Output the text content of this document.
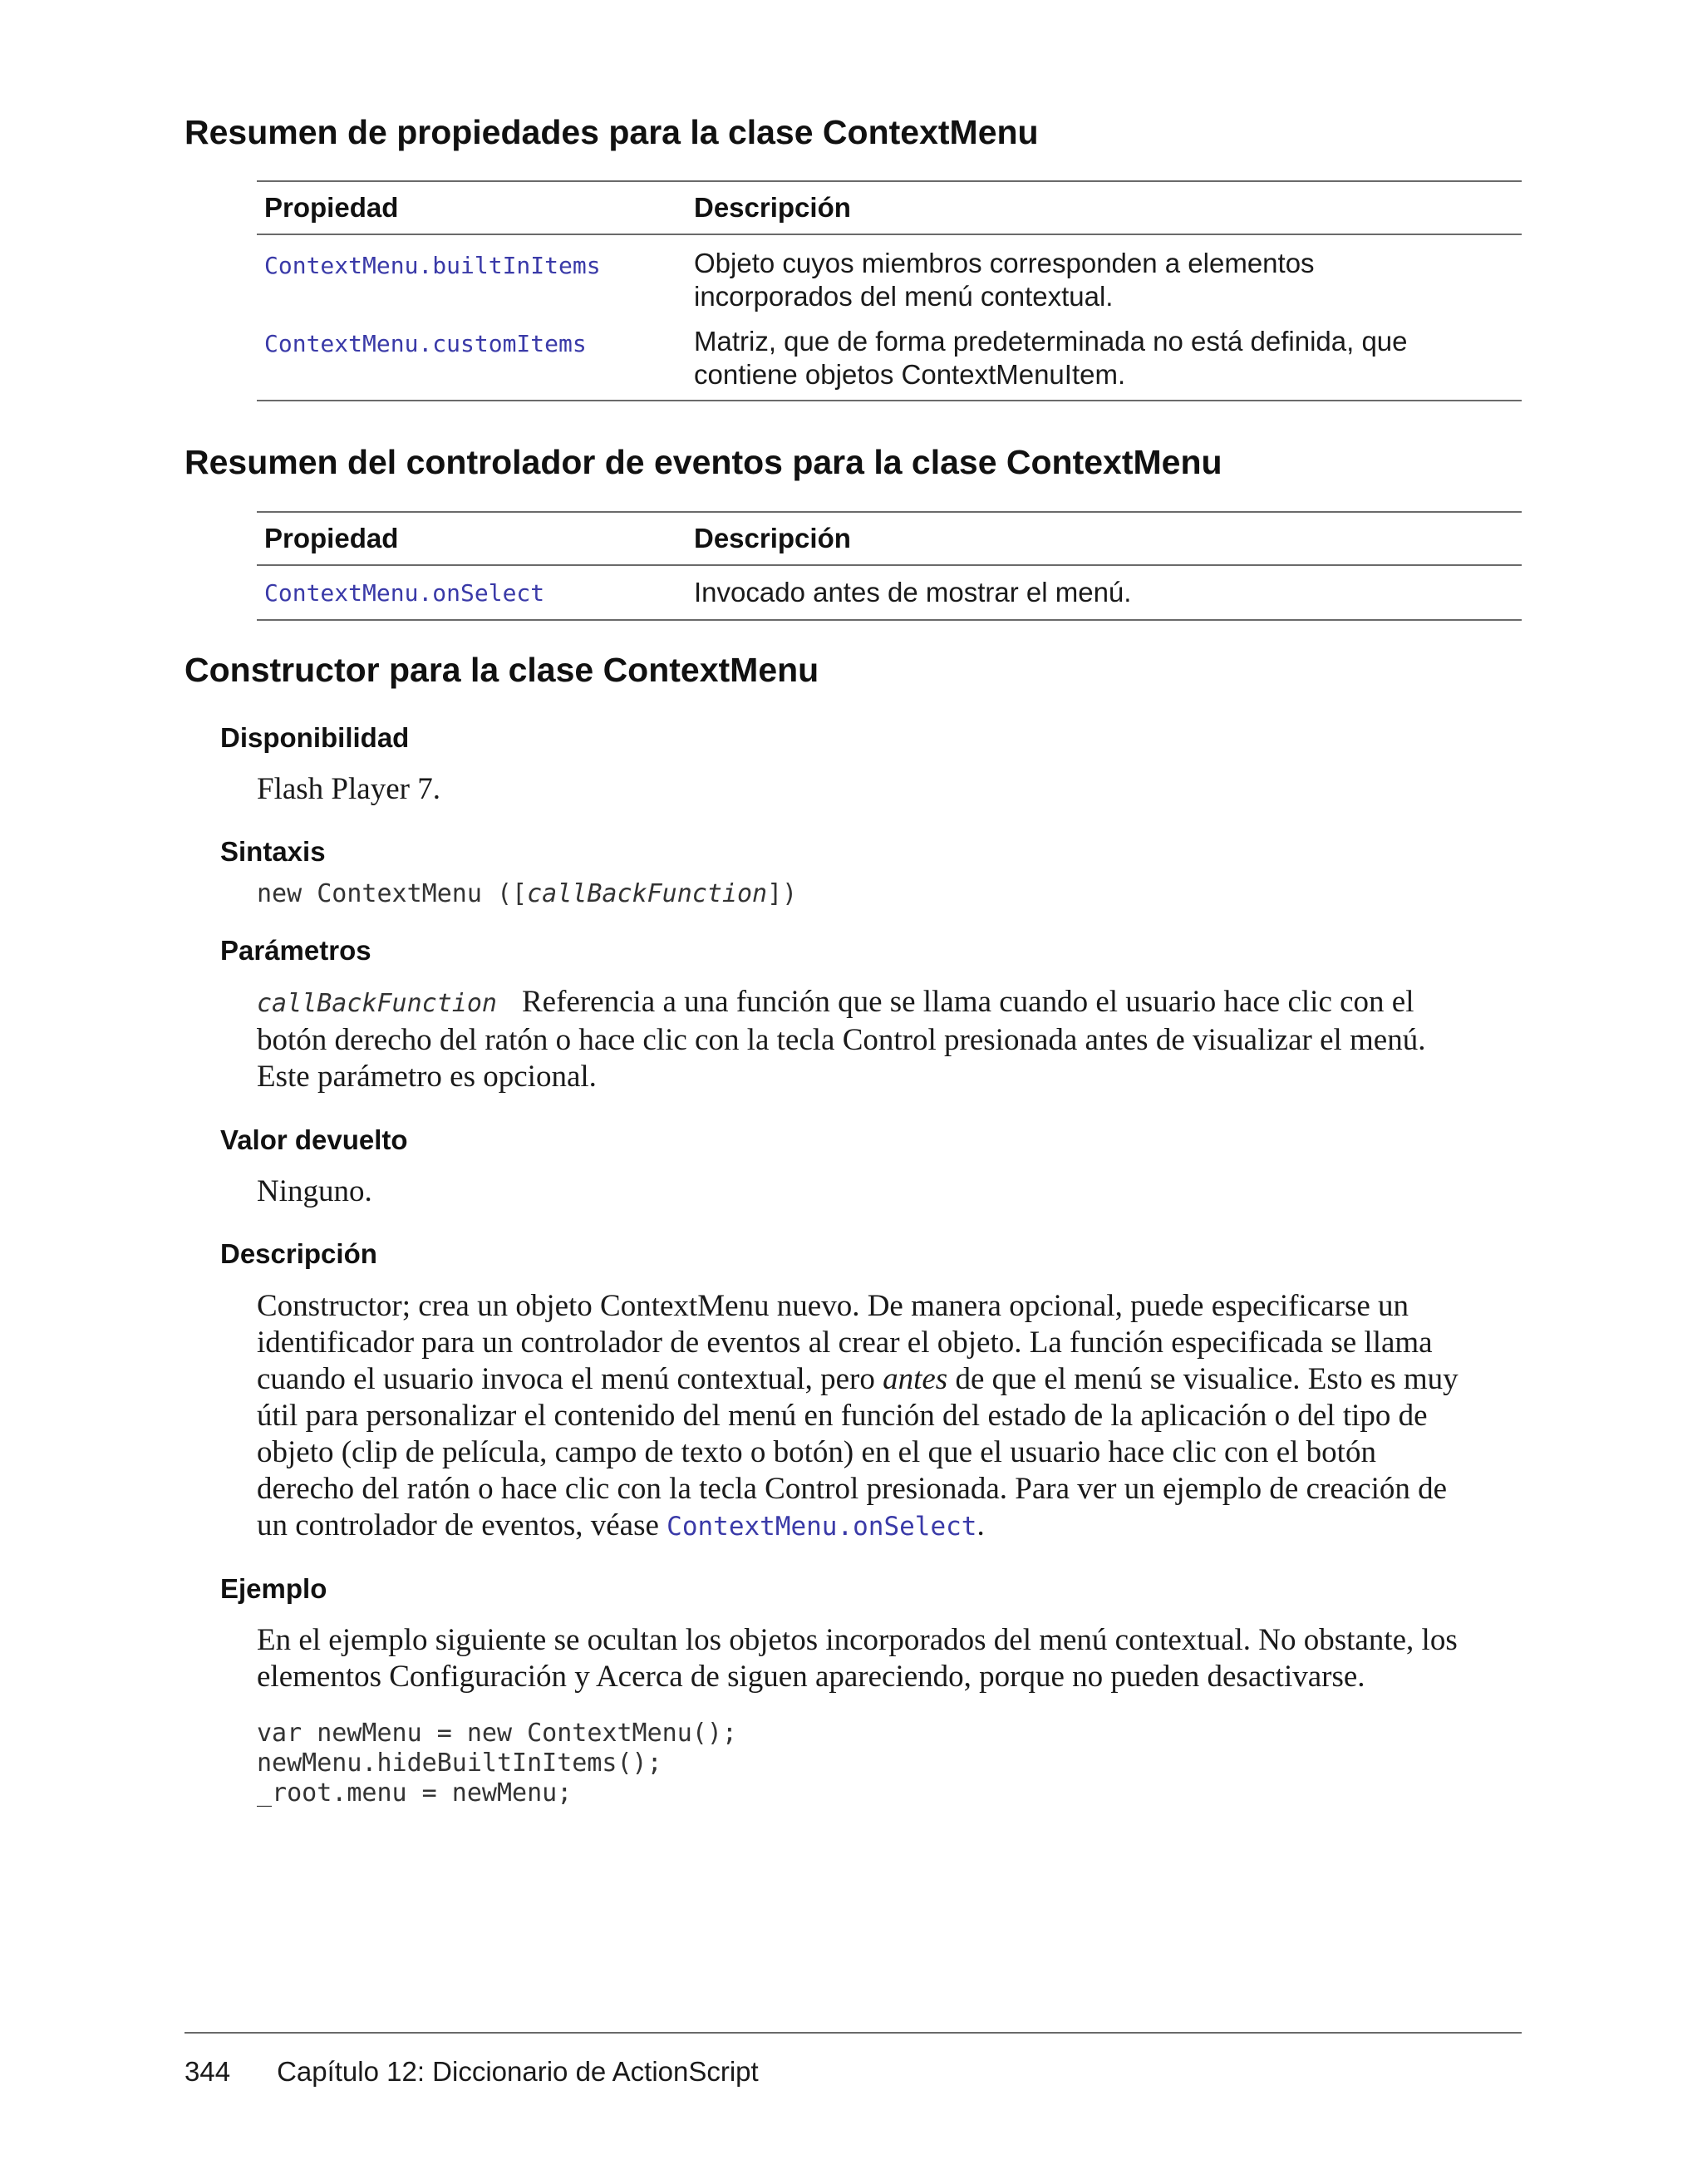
Resumen de propiedades para la clase ContextMenu
Propiedad	Descripción
ContextMenu.builtInItems	Objeto cuyos miembros corresponden a elementos
incorporados del menú contextual.
ContextMenu.customItems	Matriz, que de forma predeterminada no está definida, que
contiene objetos ContextMenuItem.
Resumen del controlador de eventos para la clase ContextMenu
Propiedad	Descripción
ContextMenu.onSelect	Invocado antes de mostrar el menú.
Constructor para la clase ContextMenu
Disponibilidad

Flash Player 7.

Sintaxis
new ContextMenu ([callBackFunction])
Parámetros
callBackFunction Referencia a una función que se llama cuando el usuario hace clic con el
botón derecho del ratón o hace clic con la tecla Control presionada antes de visualizar el menú.
Este parámetro es opcional.
Valor devuelto

Ninguno.

Descripción
Constructor; crea un objeto ContextMenu nuevo. De manera opcional, puede especificarse un
identificador para un controlador de eventos al crear el objeto. La función especificada se llama
cuando el usuario invoca el menú contextual, pero antes de que el menú se visualice. Esto es muy
útil para personalizar el contenido del menú en función del estado de la aplicación o del tipo de
objeto (clip de película, campo de texto o botón) en el que el usuario hace clic con el botón
derecho del ratón o hace clic con la tecla Control presionada. Para ver un ejemplo de creación de
un controlador de eventos, véase ContextMenu.onSelect.
Ejemplo
En el ejemplo siguiente se ocultan los objetos incorporados del menú contextual. No obstante, los
elementos Configuración y Acerca de siguen apareciendo, porque no pueden desactivarse.
var newMenu = new ContextMenu();
newMenu.hideBuiltInItems();
_root.menu = newMenu;
344 Capítulo 12: Diccionario de ActionScript
